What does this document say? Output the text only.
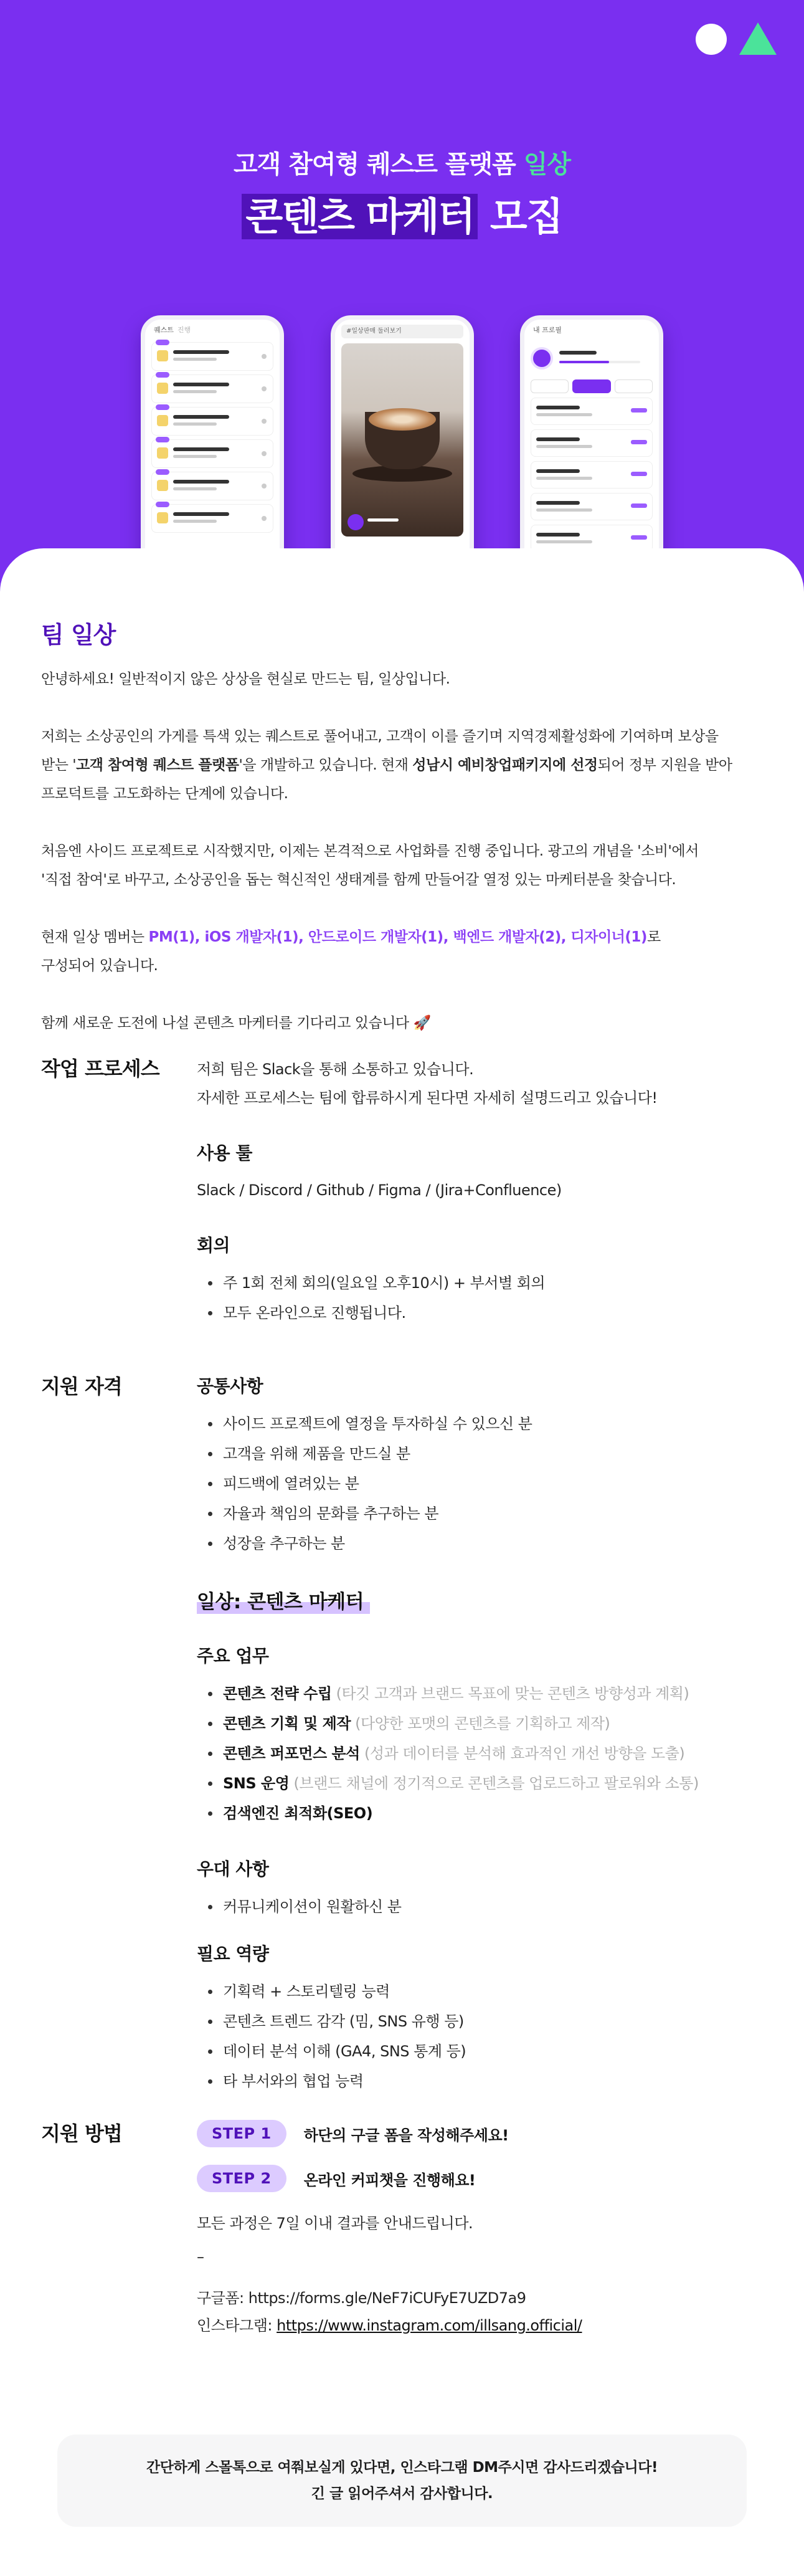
고객 참여형 퀘스트 플랫폼 일상
콘텐츠 마케터 모집
퀘스트 진행	#일상판매 둘러보기	내 프로필
팀 일상

안녕하세요! 일반적이지 않은 상상을 현실로 만드는 팀, 일상입니다.

저희는 소상공인의 가게를 특색 있는 퀘스트로 풀어내고, 고객이 이를 즐기며 지역경제활성화에 기여하며 보상을

받는 '고객 참여형 퀘스트 플랫폼'을 개발하고 있습니다. 현재 성남시 예비창업패키지에 선정되어 정부 지원을 받아

프로덕트를 고도화하는 단계에 있습니다.

처음엔 사이드 프로젝트로 시작했지만, 이제는 본격적으로 사업화를 진행 중입니다. 광고의 개념을 '소비'에서

'직접 참여'로 바꾸고, 소상공인을 돕는 혁신적인 생태계를 함께 만들어갈 열정 있는 마케터분을 찾습니다.

현재 일상 멤버는 PM(1), iOS 개발자(1), 안드로이드 개발자(1), 백엔드 개발자(2), 디자이너(1)로

구성되어 있습니다.

함께 새로운 도전에 나설 콘텐츠 마케터를 기다리고 있습니다 🚀

작업 프로세스	저희 팀은 Slack을 통해 소통하고 있습니다.
자세한 프로세스는 팀에 합류하시게 된다면 자세히 설명드리고 있습니다!
사용 툴
Slack / Discord / Github / Figma / (Jira+Confluence)
회의
주 1회 전체 회의(일요일 오후10시) + 부서별 회의
모두 온라인으로 진행됩니다.
지원 자격	공통사항
사이드 프로젝트에 열정을 투자하실 수 있으신 분
고객을 위해 제품을 만드실 분
피드백에 열려있는 분
자율과 책임의 문화를 추구하는 분
성장을 추구하는 분
일상: 콘텐츠 마케터
주요 업무
콘텐츠 전략 수립 (타깃 고객과 브랜드 목표에 맞는 콘텐츠 방향성과 계획)
콘텐츠 기획 및 제작 (다양한 포맷의 콘텐츠를 기획하고 제작)
콘텐츠 퍼포먼스 분석 (성과 데이터를 분석해 효과적인 개선 방향을 도출)
SNS 운영 (브랜드 채널에 정기적으로 콘텐츠를 업로드하고 팔로워와 소통)
검색엔진 최적화(SEO)
우대 사항
커뮤니케이션이 원활하신 분
필요 역량
기획력 + 스토리텔링 능력
콘텐츠 트렌드 감각 (밈, SNS 유행 등)
데이터 분석 이해 (GA4, SNS 통계 등)
타 부서와의 협업 능력
지원 방법	STEP 1	하단의 구글 폼을 작성해주세요!
STEP 2	온라인 커피챗을 진행해요!
모든 과정은 7일 이내 결과를 안내드립니다.
–
구글폼: https://forms.gle/NeF7iCUFyE7UZD7a9
인스타그램: https://www.instagram.com/illsang.official/
간단하게 스몰톡으로 여쭤보실게 있다면, 인스타그램 DM주시면 감사드리겠습니다!
긴 글 읽어주셔서 감사합니다.
